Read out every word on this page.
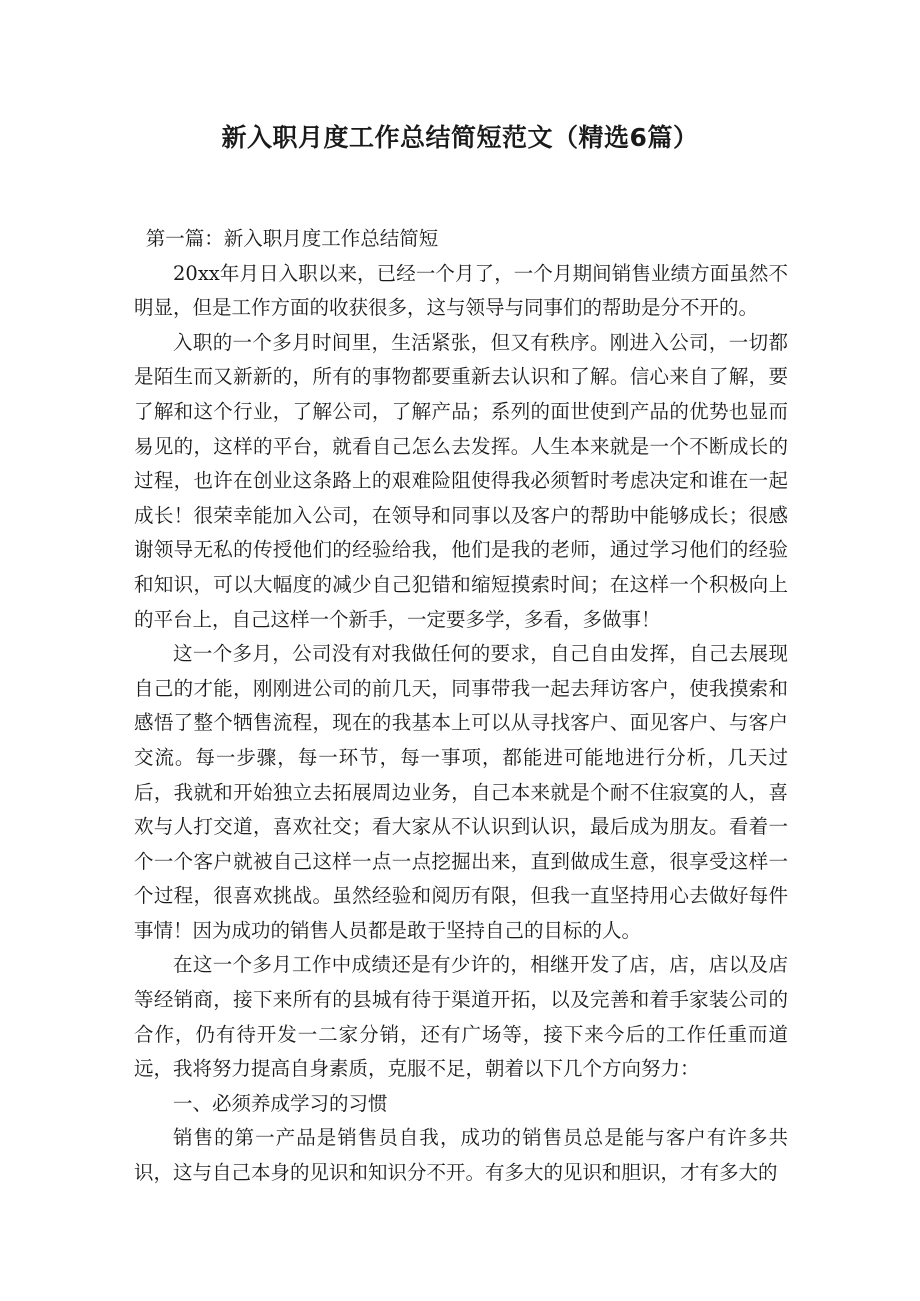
新入职月度工作总结简短范文（精选6篇）

第一篇：新入职月度工作总结简短

20xx年月日入职以来，已经一个月了，一个月期间销售业绩方面虽然不明显，但是工作方面的收获很多，这与领导与同事们的帮助是分不开的。

入职的一个多月时间里，生活紧张，但又有秩序。刚进入公司，一切都是陌生而又新新的，所有的事物都要重新去认识和了解。信心来自了解，要了解和这个行业，了解公司，了解产品；系列的面世使到产品的优势也显而易见的，这样的平台，就看自己怎么去发挥。人生本来就是一个不断成长的过程，也许在创业这条路上的艰难险阻使得我必须暂时考虑决定和谁在一起成长！很荣幸能加入公司，在领导和同事以及客户的帮助中能够成长；很感谢领导无私的传授他们的经验给我，他们是我的老师，通过学习他们的经验和知识，可以大幅度的减少自己犯错和缩短摸索时间；在这样一个积极向上的平台上，自己这样一个新手，一定要多学，多看，多做事！

这一个多月，公司没有对我做任何的要求，自己自由发挥，自己去展现自己的才能，刚刚进公司的前几天，同事带我一起去拜访客户，使我摸索和感悟了整个牺售流程，现在的我基本上可以从寻找客户、面见客户、与客户交流。每一步骤，每一环节，每一事项，都能进可能地进行分析，几天过后，我就和开始独立去拓展周边业务，自己本来就是个耐不住寂寞的人，喜欢与人打交道，喜欢社交；看大家从不认识到认识，最后成为朋友。看着一个一个客户就被自己这样一点一点挖掘出来，直到做成生意，很享受这样一个过程，很喜欢挑战。虽然经验和阅历有限，但我一直坚持用心去做好每件事情！因为成功的销售人员都是敢于坚持自己的目标的人。

在这一个多月工作中成绩还是有少许的，相继开发了店，店，店以及店等经销商，接下来所有的县城有待于渠道开拓，以及完善和着手家装公司的合作，仍有待开发一二家分销，还有广场等，接下来今后的工作任重而道远，我将努力提高自身素质，克服不足，朝着以下几个方向努力：

一、必须养成学习的习惯

销售的第一产品是销售员自我，成功的销售员总是能与客户有许多共识，这与自己本身的见识和知识分不开。有多大的见识和胆识，才有多大的
